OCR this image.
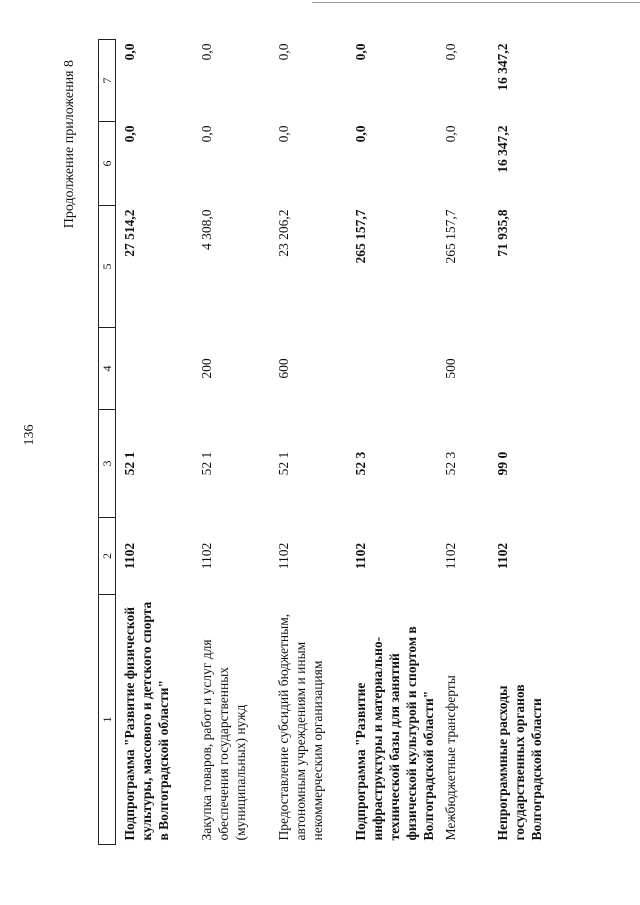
136
Продолжение приложения 8
1	2	3	4	5	6	7
Подпрограмма "Развитие физической культуры, массового и детского спорта в Волгоградской области"	1102	52 1		27 514,2	0,0	0,0
Закупка товаров, работ и услуг для обеспечения государственных (муниципальных) нужд	1102	52 1	200	4 308,0	0,0	0,0
Предоставление субсидий бюджетным, автономным учреждениям и иным некоммерческим организациям	1102	52 1	600	23 206,2	0,0	0,0
Подпрограмма "Развитие инфраструктуры и материально-технической базы для занятий физической культурой и спортом в Волгоградской области"	1102	52 3		265 157,7	0,0	0,0
Межбюджетные трансферты	1102	52 3	500	265 157,7	0,0	0,0
Непрограммные расходы государственных органов Волгоградской области	1102	99 0		71 935,8	16 347,2	16 347,2
